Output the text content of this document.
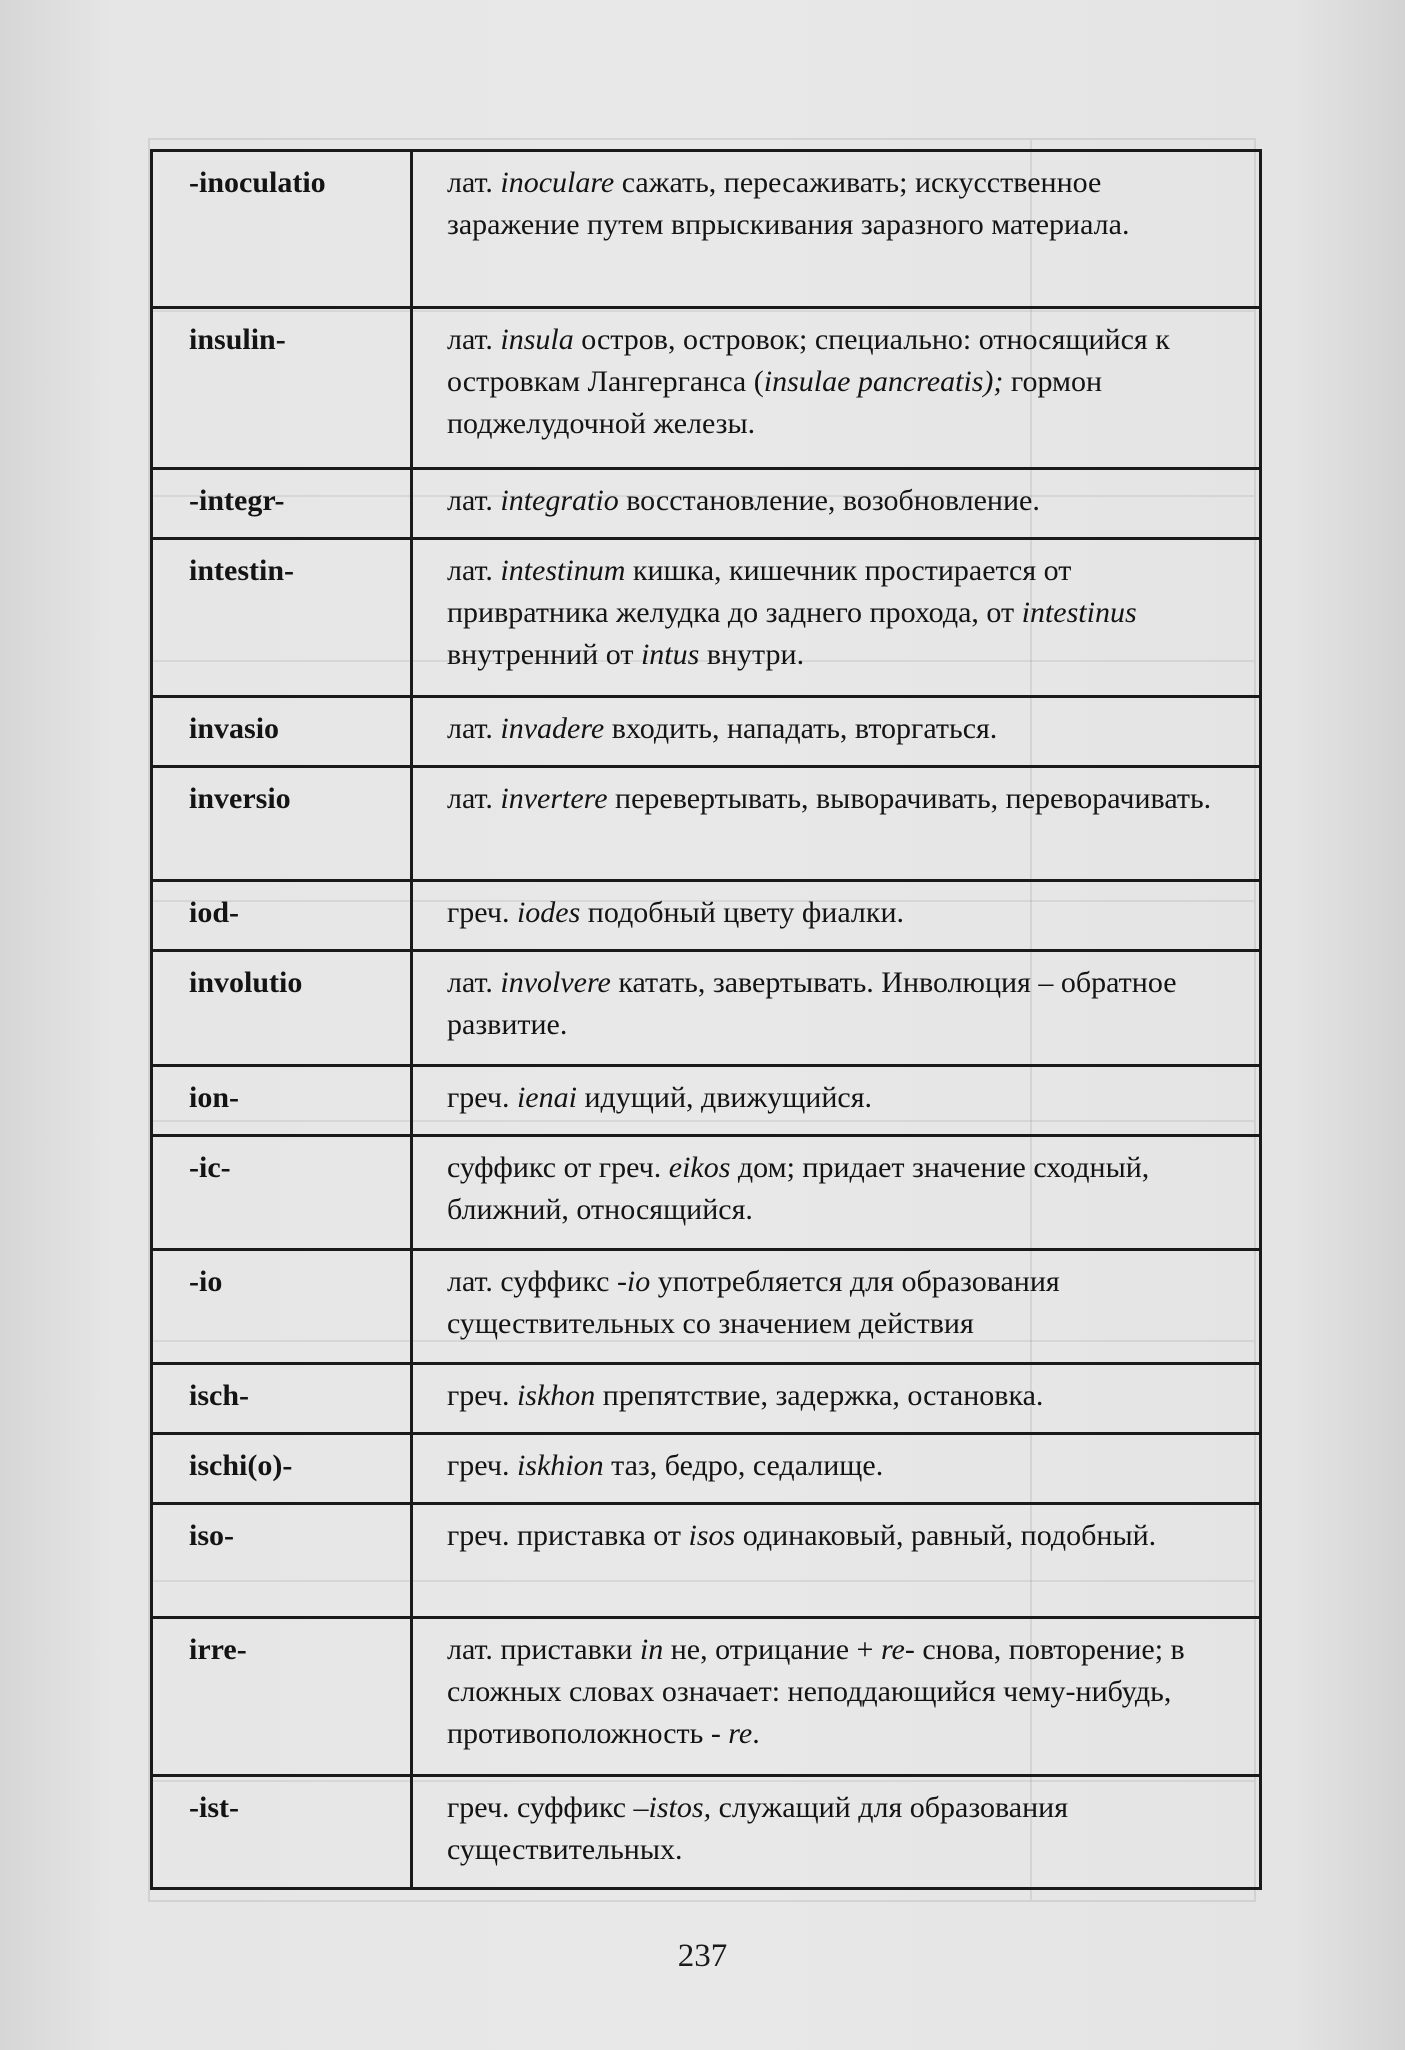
-inoculatio	лат. inoculare сажать, пересаживать; искусственное заражение путем впрыскивания заразного материала.
insulin-	лат. insula остров, островок; специально: относящийся к островкам Лангерганса (insulae pancreatis); гормон поджелудочной железы.
-integr-	лат. integratio восстановление, возобновление.
intestin-	лат. intestinum кишка, кишечник простирается от привратника желудка до заднего прохода, от intestinus внутренний от intus внутри.
invasio	лат. invadere входить, нападать, вторгаться.
inversio	лат. invertere перевертывать, выворачивать, переворачивать.
iod-	греч. iodes подобный цвету фиалки.
involutio	лат. involvere катать, завертывать. Инволюция – обратное развитие.
ion-	греч. ienai идущий, движущийся.
-ic-	суффикс от греч. eikos дом; придает значение сходный, ближний, относящийся.
-io	лат. суффикс -io употребляется для образования существительных со значением действия
isch-	греч. iskhon препятствие, задержка, остановка.
ischi(o)-	греч. iskhion таз, бедро, седалище.
iso-	греч. приставка от isos одинаковый, равный, подобный.
irre-	лат. приставки in не, отрицание + re- снова, повторение; в сложных словах означает: неподдающийся чему-нибудь, противоположность - re.
-ist-	греч. суффикс –istos, служащий для образования существительных.
237
